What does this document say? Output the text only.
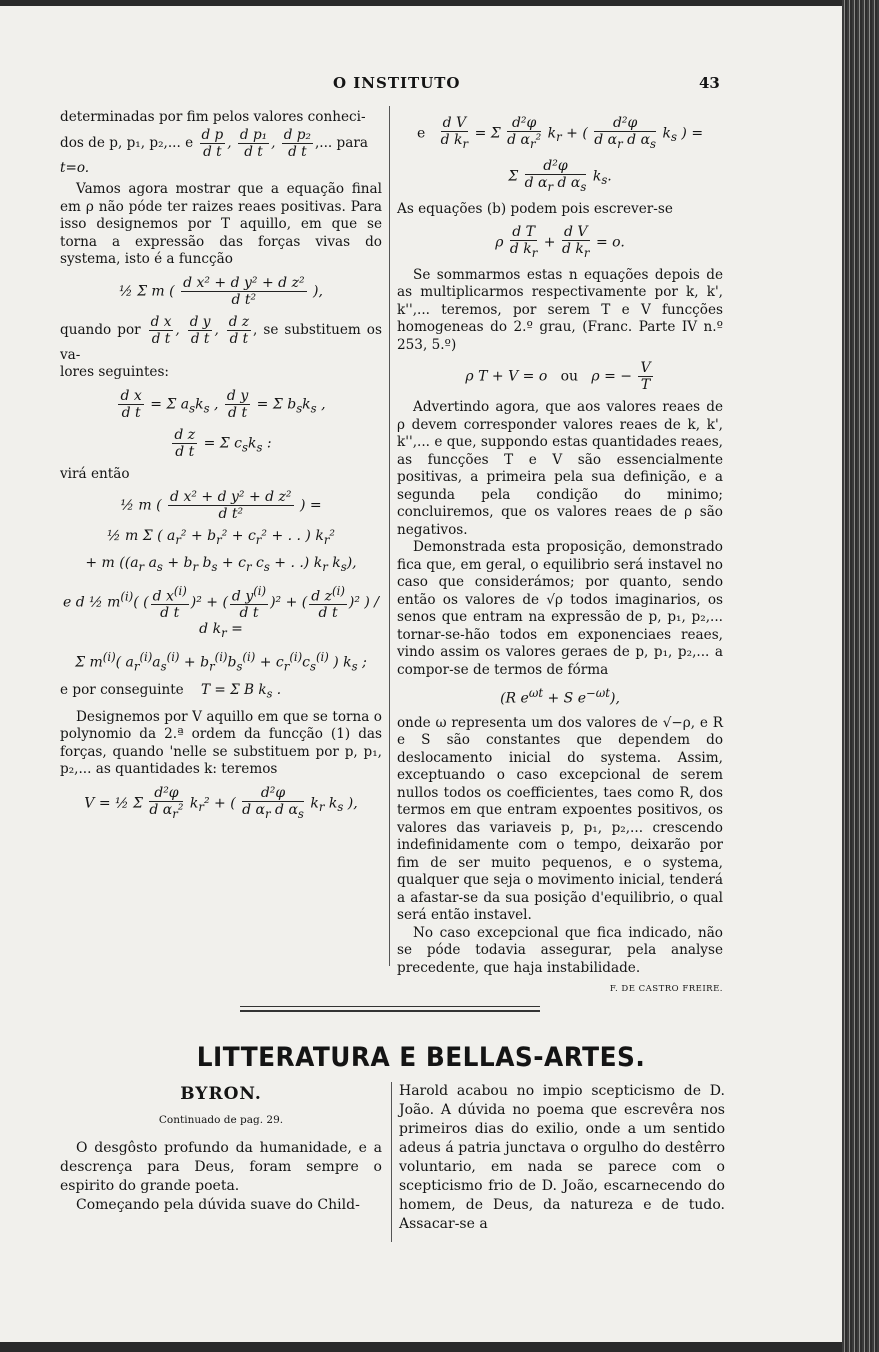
O INSTITUTO	43

determinadas por fim pelos valores conheci-

dos de p, p₁, p₂,... e $\frac{\text{d p}}{\text{d t}}$ , $\frac{\text{d p₁}}{\text{d t}}$ , $\frac{\text{d p₂}}{\text{d t}}$ ,... para

t=o.

Vamos agora mostrar que a equação final em ρ não póde ter raizes reaes positivas. Para isso designemos por T aquillo, em que se torna a expressão das forças vivas do systema, isto é a funcção

½ Σ m ( $\frac{\text{d x² + d y² + d z²}}{\text{d t²}}$ ),

quando por $\frac{\text{d x}}{\text{d t}}$ , $\frac{\text{d y}}{\text{d t}}$ , $\frac{\text{d z}}{\text{d t}}$ , se substituem os va-

lores seguintes:

$\frac{\text{d x}}{\text{d t}} = \Sigma$ $a_sk_s$ , $\frac{\text{d y}}{\text{d t}} = \Sigma$ $b_sk_s$ ,
$\frac{\text{d z}}{\text{d t}} = \Sigma$ $c_sk_s$ :

virá então

½ m ( $\frac{\text{d x² + d y² + d z²}}{\text{d t²}}$ ) =
½ m Σ ( $a_r^2 + b_r^2 + c_r^2$ + . . ) $k_r^2$
+ m (($a_r$ $a_s + b_r$ $b_s + c_r$ $c_s$ + . .) $k_r$ $k_s$),
e d ½ $m^{(i)}$( ( $\frac{d x^{(i)}}{\text{d t}} )^2$ + ( $\frac{d y^{(i)}}{\text{d t}} )^2$ + ( $\frac{d z^{(i)}}{\text{d t}} )^2$ ) / d $k_r$ =
Σ $m^{(i)}$( $a_r^{(i)}a_s^{(i)} + b_r^{(i)}b_s^{(i)} + c_r^{(i)}c_s^{(i)}$ ) $k_s$ ;

e por conseguinte T = Σ B $k_s$ .

Designemos por V aquillo em que se torna o polynomio da 2.ª ordem da funcção (1) das forças, quando 'nelle se substituem por p, p₁, p₂,... as quantidades k: teremos

V = ½ Σ $\frac{\text{d²φ}}{d \alpha_r^2} k_r^2$ + ( $\frac{\text{d²φ}}{d \alpha_r d \alpha_s} k_r$ $k_s$ ),
e $\frac{\text{d V}}{d k_r} = \Sigma \frac{\text{d²φ}}{d \alpha_r^2} k_r$ + ( $\frac{\text{d²φ}}{d \alpha_r d \alpha_s} k_s$ ) =
Σ $\frac{\text{d²φ}}{d \alpha_r d \alpha_s} k_s$.

As equações (b) podem pois escrever-se

ρ $\frac{\text{d T}}{d k_r} + \frac{\text{d V}}{d k_r} = o$.

Se sommarmos estas n equações depois de as multiplicarmos respectivamente por k, k', k'',... teremos, por serem T e V funcções homogeneas do 2.º grau, (Franc. Parte IV n.º 253, 5.º)

ρ T + V = o   ou   ρ = − $\frac{V}{T}$

Advertindo agora, que aos valores reaes de ρ devem corresponder valores reaes de k, k', k'',... e que, suppondo estas quantidades reaes, as funcções T e V são essencialmente positivas, a primeira pela sua definição, e a segunda pela condição do minimo; concluiremos, que os valores reaes de ρ são negativos.

Demonstrada esta proposição, demonstrado fica que, em geral, o equilibrio será instavel no caso que considerámos; por quanto, sendo então os valores de √ρ todos imaginarios, os senos que entram na expressão de p, p₁, p₂,... tornar-se-hão todos em exponenciaes reaes, vindo assim os valores geraes de p, p₁, p₂,... a compor-se de termos de fórma

(R $e^{\omega t} + S$ $e^{-\omega t}$),

onde ω representa um dos valores de √−ρ, e R e S são constantes que dependem do deslocamento inicial do systema. Assim, exceptuando o caso excepcional de serem nullos todos os coefficientes, taes como R, dos termos em que entram expoentes positivos, os valores das variaveis p, p₁, p₂,... crescendo indefinidamente com o tempo, deixarão por fim de ser muito pequenos, e o systema, qualquer que seja o movimento inicial, tenderá a afastar-se da sua posição d'equilibrio, o qual será então instavel.

No caso excepcional que fica indicado, não se póde todavia assegurar, pela analyse precedente, que haja instabilidade.

F. DE CASTRO FREIRE.
LITTERATURA E BELLAS-ARTES.
BYRON.
Continuado de pag. 29.

O desgôsto profundo da humanidade, e a descrença para Deus, foram sempre o espirito do grande poeta.

Começando pela dúvida suave do Child-

Harold acabou no impio scepticismo de D. João. A dúvida no poema que escrevêra nos primeiros dias do exilio, onde a um sentido adeus á patria junctava o orgulho do destêrro voluntario, em nada se parece com o scepticismo frio de D. João, escarnecendo do homem, de Deus, da natureza e de tudo. Assacar-se a
